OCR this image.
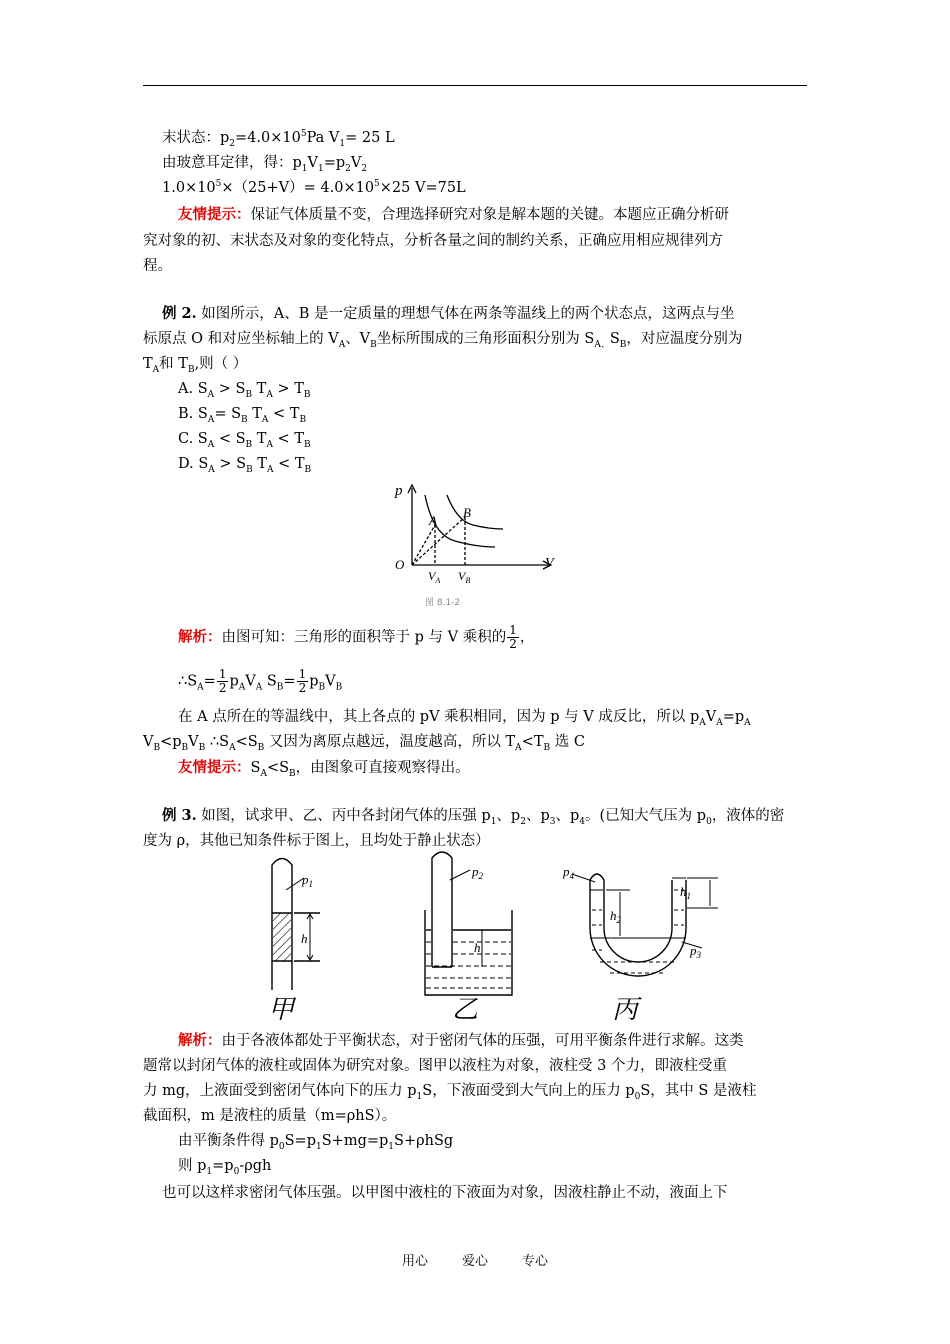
末状态：$p_2=4.0\times 10^5Pa$ $V_1= 25$ L
由玻意耳定律，得：$p_1V_1=p_2V_2$
$1.0\times 10^5\times(25+V)= 4.0\times 10^5\times 25$ V=75L
友情提示：保证气体质量不变，合理选择研究对象是解本题的关键。本题应正确分析研
究对象的初、末状态及对象的变化特点，分析各量之间的制约关系，正确应用相应规律列方
程。
例 2. 如图所示，A、B 是一定质量的理想气体在两条等温线上的两个状态点，这两点与坐
标原点 O 和对应坐标轴上的 $V_A$、$V_B$坐标所围成的三角形面积分别为 $S_{A、}S_B$，对应温度分别为
$T_A$和 $T_B$,则（ ）
A. $S_A > S_B$ $T_A > T_B$
B. $S_A= S_B$ $T_A < T_B$
C. $S_A < S_B$ $T_A < T_B$
D. $S_A > S_B$ $T_A < T_B$
p
V
O
A
B
$V_A$ $V_B$
图 8.1-2
解析：由图可知：三角形的面积等于 p 与 V 乘积的 $\frac{1}{2}$ ，
$\therefore S_A= \frac{1}{2} p_AV_A$ $S_B= \frac{1}{2} p_BV_B$
在 A 点所在的等温线中，其上各点的 pV 乘积相同，因为 p 与 V 成反比，所以 $p_AV_A=p_A$
$V_B<p_BV_B$ $\therefore S_A<S_B$ 又因为离原点越远，温度越高，所以 $T_A<T_B$ 选 C
友情提示：$S_A<S_B$，由图象可直接观察得出。
例 3. 如图，试求甲、乙、丙中各封闭气体的压强 $p_1$、$p_2$、$p_3$、$p_4$。(已知大气压为 $p_0$，液体的密
度为 ρ，其他已知条件标于图上，且均处于静止状态）
$p_1$
h
$p_2$
h
$p_4$
$h_1$
$h_2$
$p_3$
甲	乙	丙
解析：由于各液体都处于平衡状态，对于密闭气体的压强，可用平衡条件进行求解。这类
题常以封闭气体的液柱或固体为研究对象。图甲以液柱为对象，液柱受 3 个力，即液柱受重
力 mg，上液面受到密闭气体向下的压力 $p_1S$，下液面受到大气向上的压力 $p_0S$，其中 S 是液柱
截面积，m 是液柱的质量（m=ρhS）。
由平衡条件得 $p_0S=p_1S+mg=p_1S+\rho hSg$
则 $p_1=p_0$-ρgh
也可以这样求密闭气体压强。以甲图中液柱的下液面为对象，因液柱静止不动，液面上下
用心	爱心	专心
